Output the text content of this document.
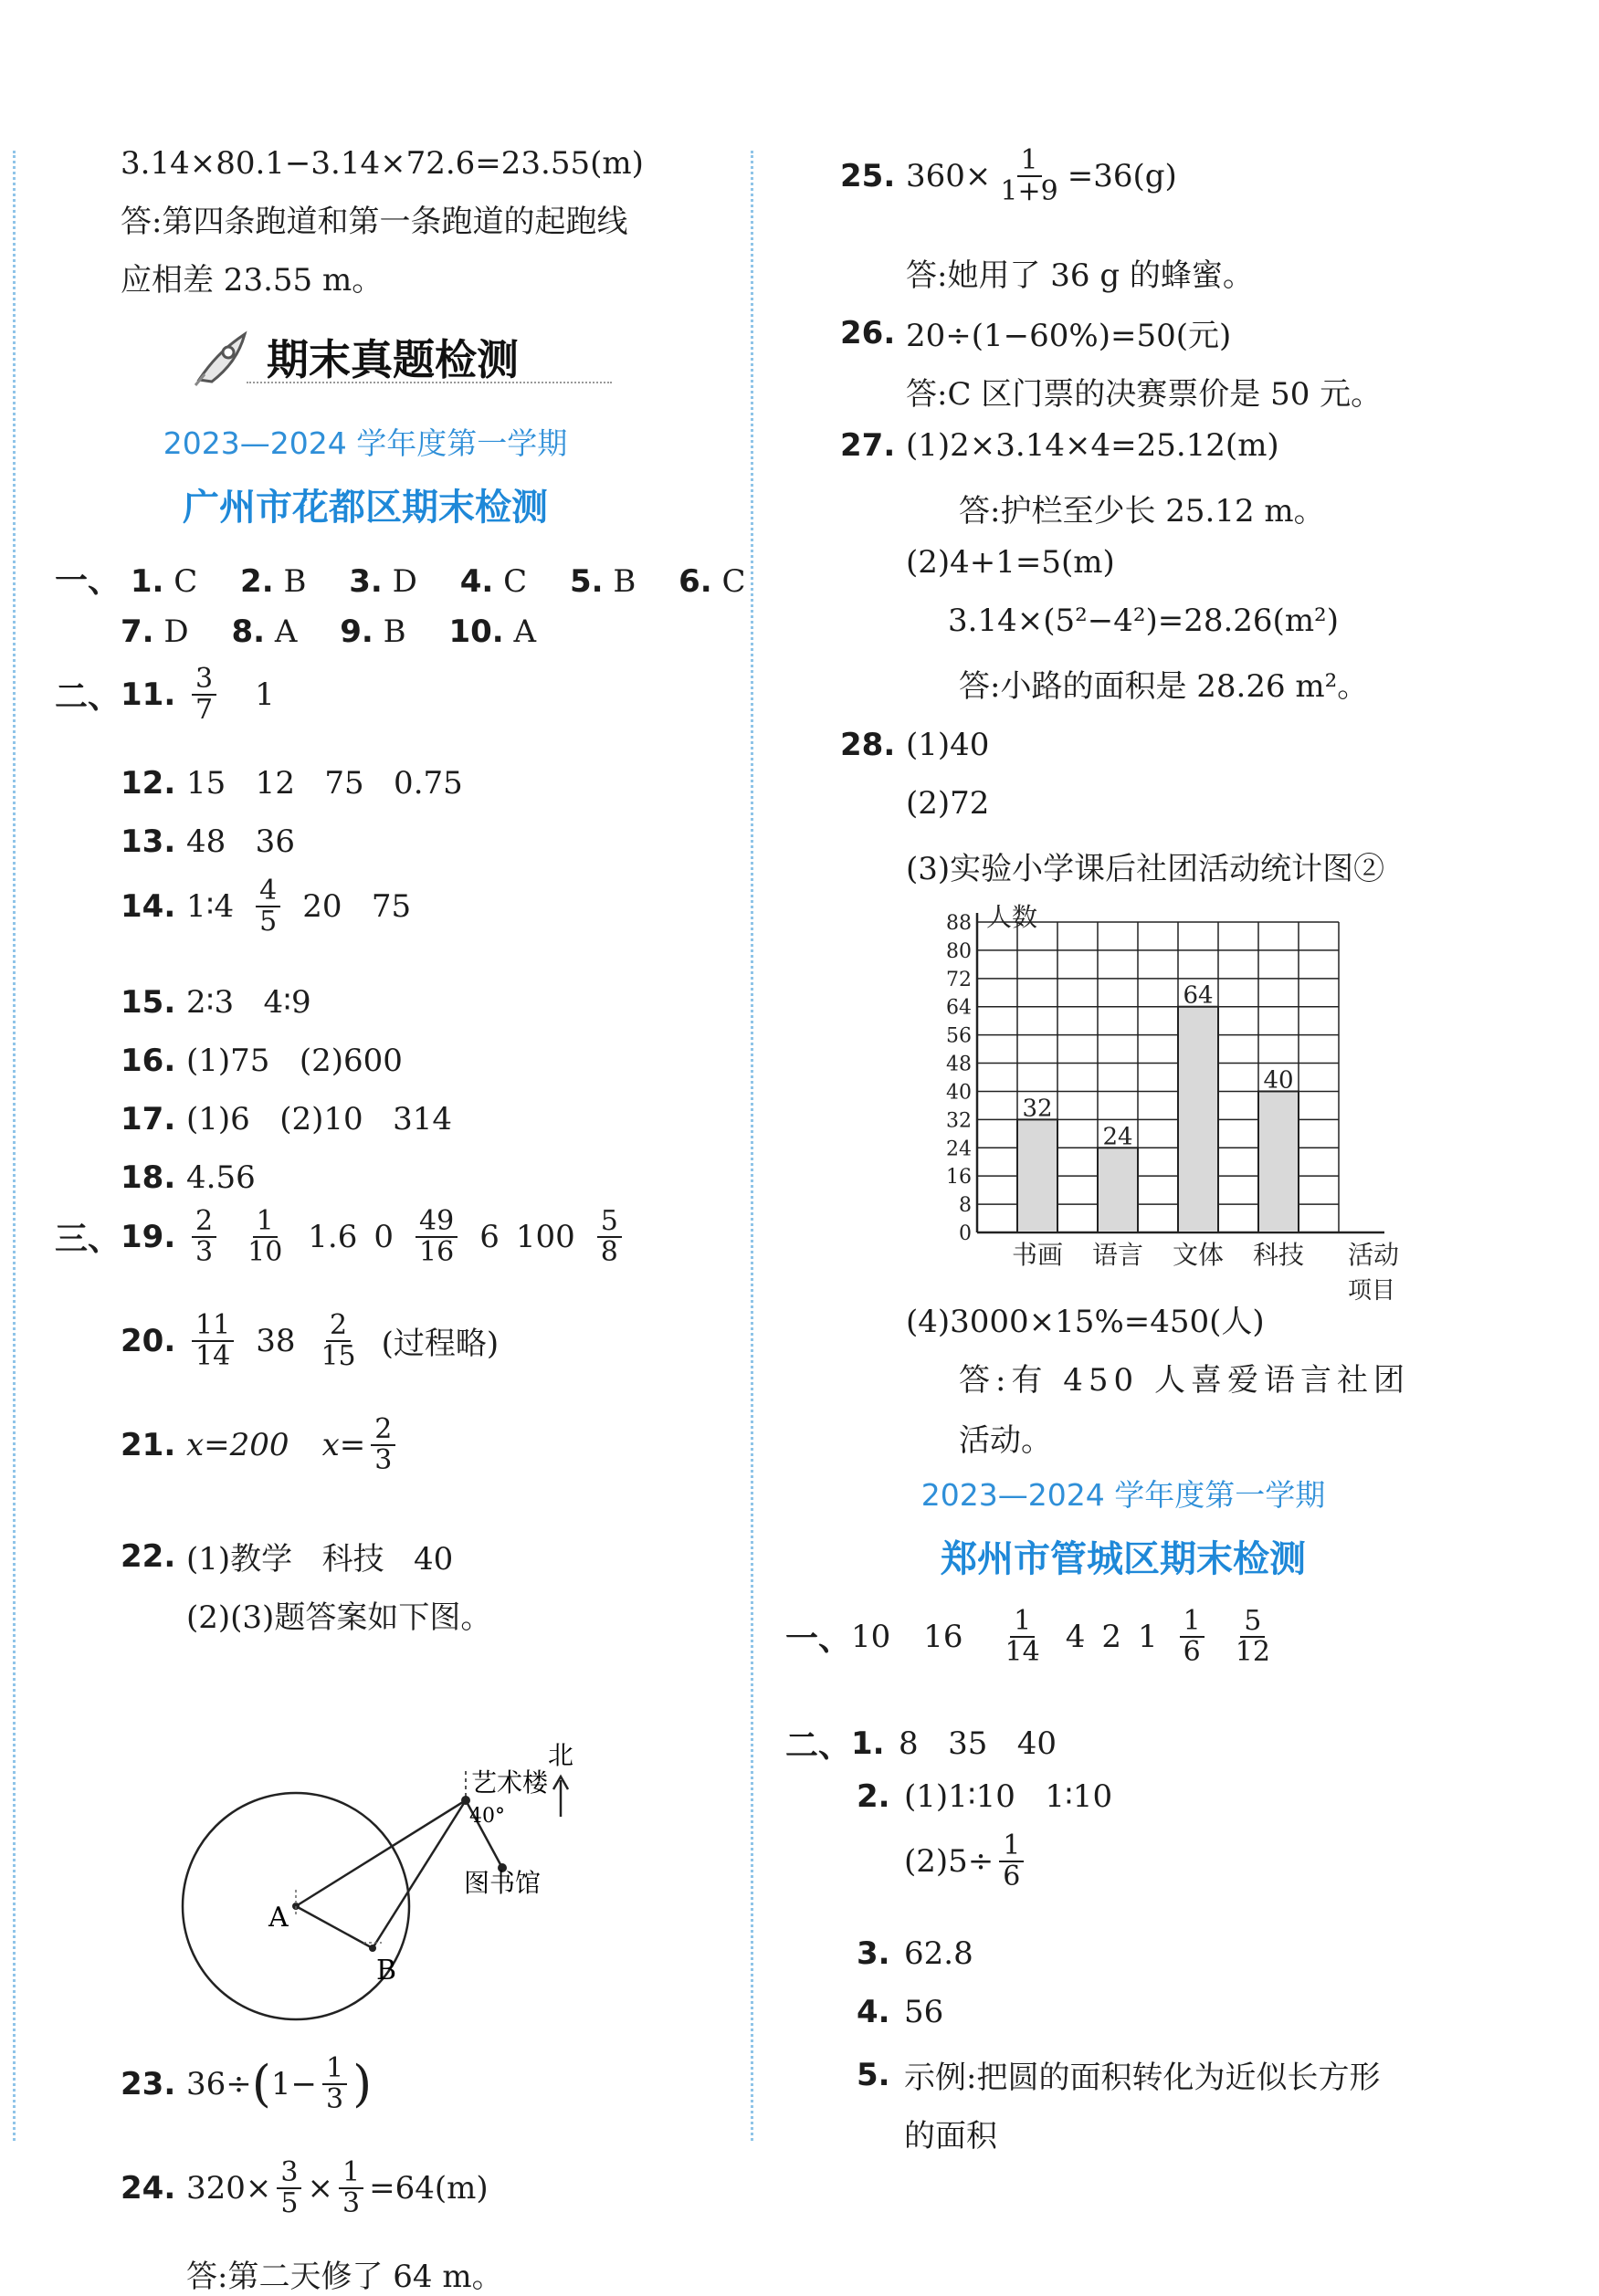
3.14×80.1−3.14×72.6=23.55(m)

答:第四条跑道和第一条跑道的起跑线

应相差 23.55 m。

期末真题检测
2023—2024 学年度第一学期
广州市花都区期末检测
一、 1. C 2. B 3. D 4. C 5. B 6. C
7. D 8. A 9. B 10. A
二、 11. $\frac{3}{7} 1$
12. 15   12   75   0.75
13. 48   36
14. 1∶4 $\frac{4}{5} 20$   75
15. 2∶3   4∶9
16. (1)75   (2)600
17. (1)6   (2)10   314
18. 4.56
三、 19. $\frac{2}{3} \frac{1}{10} 1.6$ $0 \frac{49}{16} 6$ $100 \frac{5}{8}$
20. $\frac{11}{14} 38 \frac{2}{15}$ (过程略)
21. x=200 $x= \frac{2}{3}$
22. (1)教学   科技   40
(2)(3)题答案如下图。
艺术楼
北
40°
图书馆
A
B
23. 36÷ ( $1- \frac{1}{3}$ )
24. $320\times \frac{3}{5} \times \frac{1}{3} =64(m)$
答:第二天修了 64 m。
25. $360\times \frac{1}{1+9} =36(g)$
答:她用了 36 g 的蜂蜜。
26. 20÷(1−60%)=50(元)
答:C 区门票的决赛票价是 50 元。
27. (1)2×3.14×4=25.12(m)
答:护栏至少长 25.12 m。
(2)4+1=5(m)
3.14×(5²−4²)=28.26(m²)
答:小路的面积是 28.26 m²。
28. (1)40
(2)72
(3)实验小学课后社团活动统计图②
0
8
16
24
32
40
48
56
64
72
80
88 人数
32
书画
24
语言
64
文体
40
科技 活动
项目
(4)3000×15%=450(人)
答:有 450 人喜爱语言社团
活动。
2023—2024 学年度第一学期
郑州市管城区期末检测
一、 10 $16 \frac{1}{14} 4$ 2 $1 \frac{1}{6} \frac{5}{12}$
二、 1. 8   35   40
2. (1)1∶10   1∶10
$(2)5\div \frac{1}{6}$
3. 62.8
4. 56
5. 示例:把圆的面积转化为近似长方形
的面积
